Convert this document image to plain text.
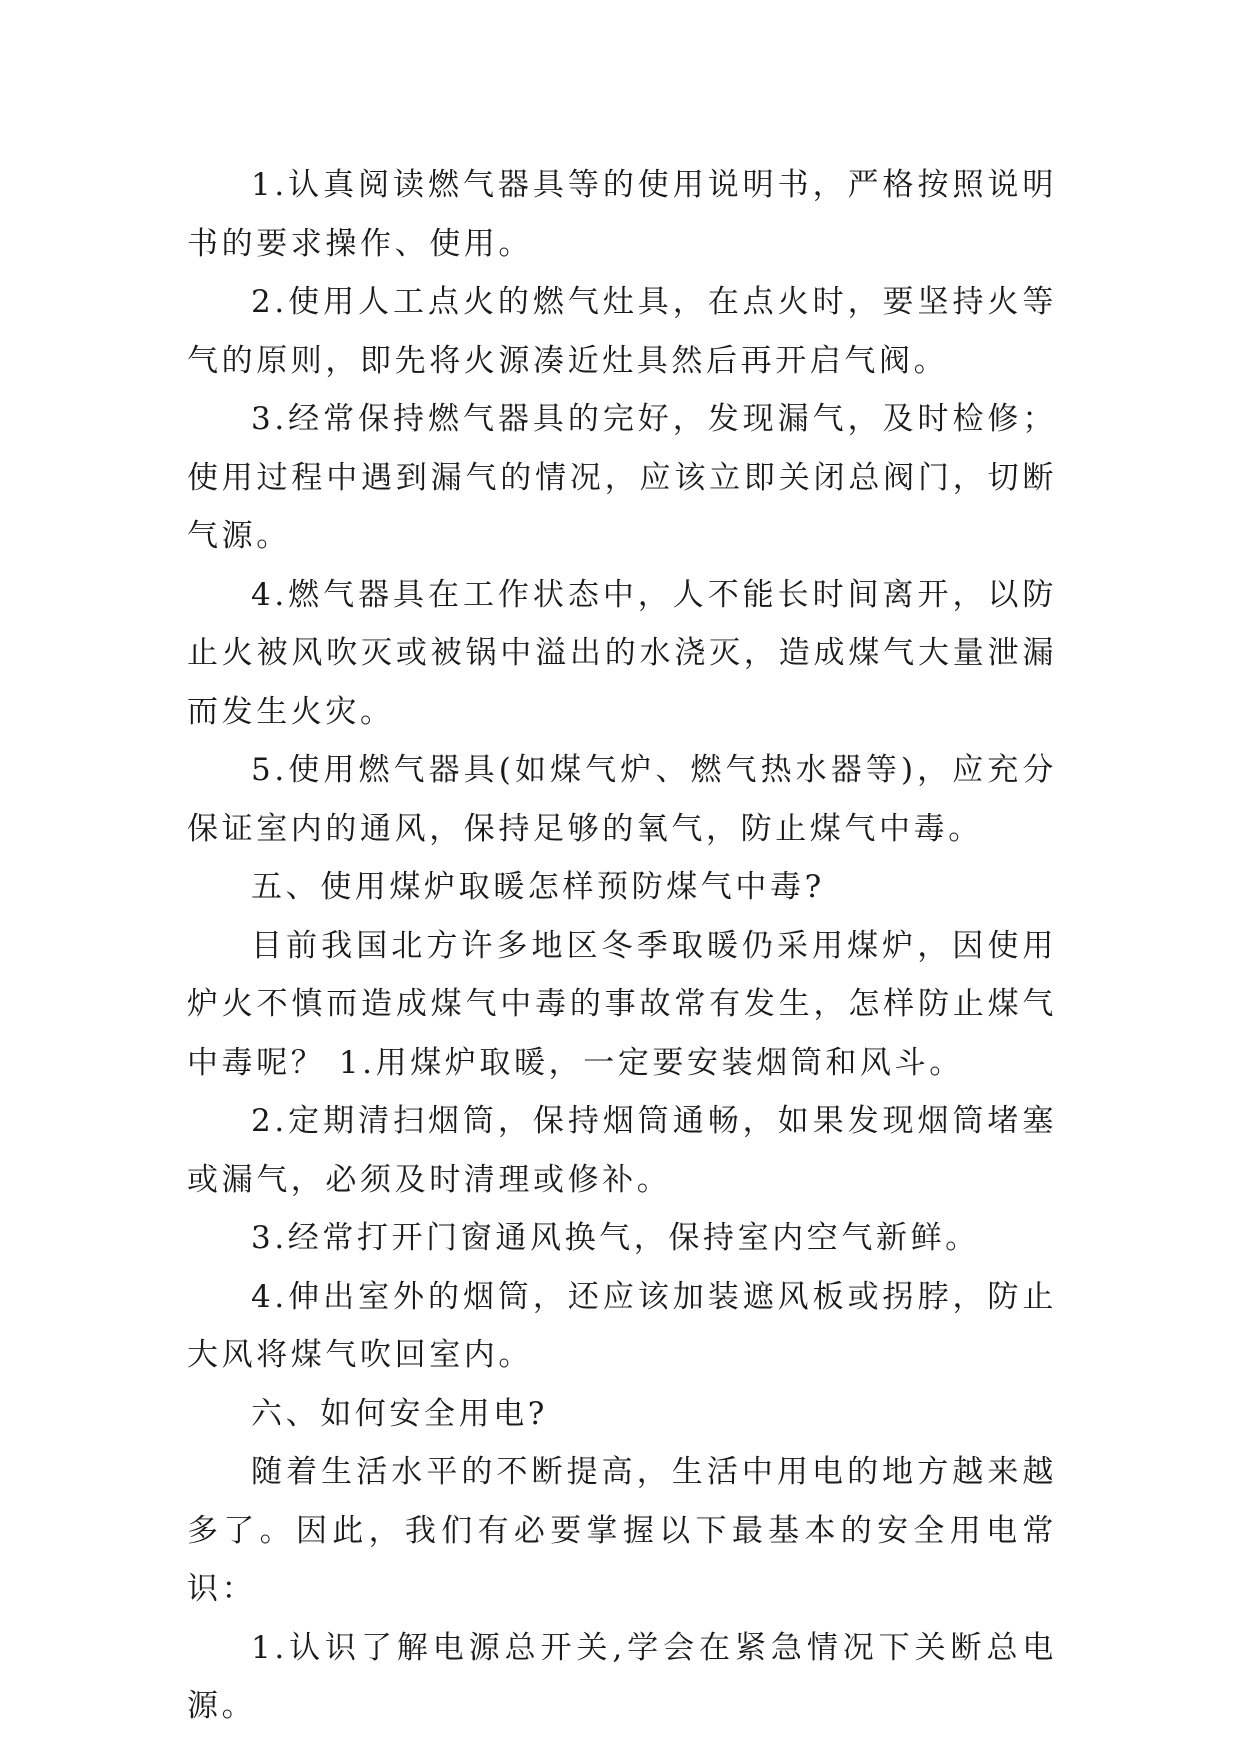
1.认真阅读燃气器具等的使用说明书，严格按照说明书的要求操作、使用。

2.使用人工点火的燃气灶具，在点火时，要坚持火等气的原则，即先将火源凑近灶具然后再开启气阀。

3.经常保持燃气器具的完好，发现漏气，及时检修；使用过程中遇到漏气的情况，应该立即关闭总阀门，切断气源。

4.燃气器具在工作状态中，人不能长时间离开，以防止火被风吹灭或被锅中溢出的水浇灭，造成煤气大量泄漏而发生火灾。

5.使用燃气器具(如煤气炉、燃气热水器等)，应充分保证室内的通风，保持足够的氧气，防止煤气中毒。

五、使用煤炉取暖怎样预防煤气中毒?

目前我国北方许多地区冬季取暖仍采用煤炉，因使用炉火不慎而造成煤气中毒的事故常有发生，怎样防止煤气中毒呢？ 1.用煤炉取暖，一定要安装烟筒和风斗。

2.定期清扫烟筒，保持烟筒通畅，如果发现烟筒堵塞或漏气，必须及时清理或修补。

3.经常打开门窗通风换气，保持室内空气新鲜。

4.伸出室外的烟筒，还应该加装遮风板或拐脖，防止大风将煤气吹回室内。

六、如何安全用电?

随着生活水平的不断提高，生活中用电的地方越来越多了。因此，我们有必要掌握以下最基本的安全用电常识：

1.认识了解电源总开关,学会在紧急情况下关断总电源。
